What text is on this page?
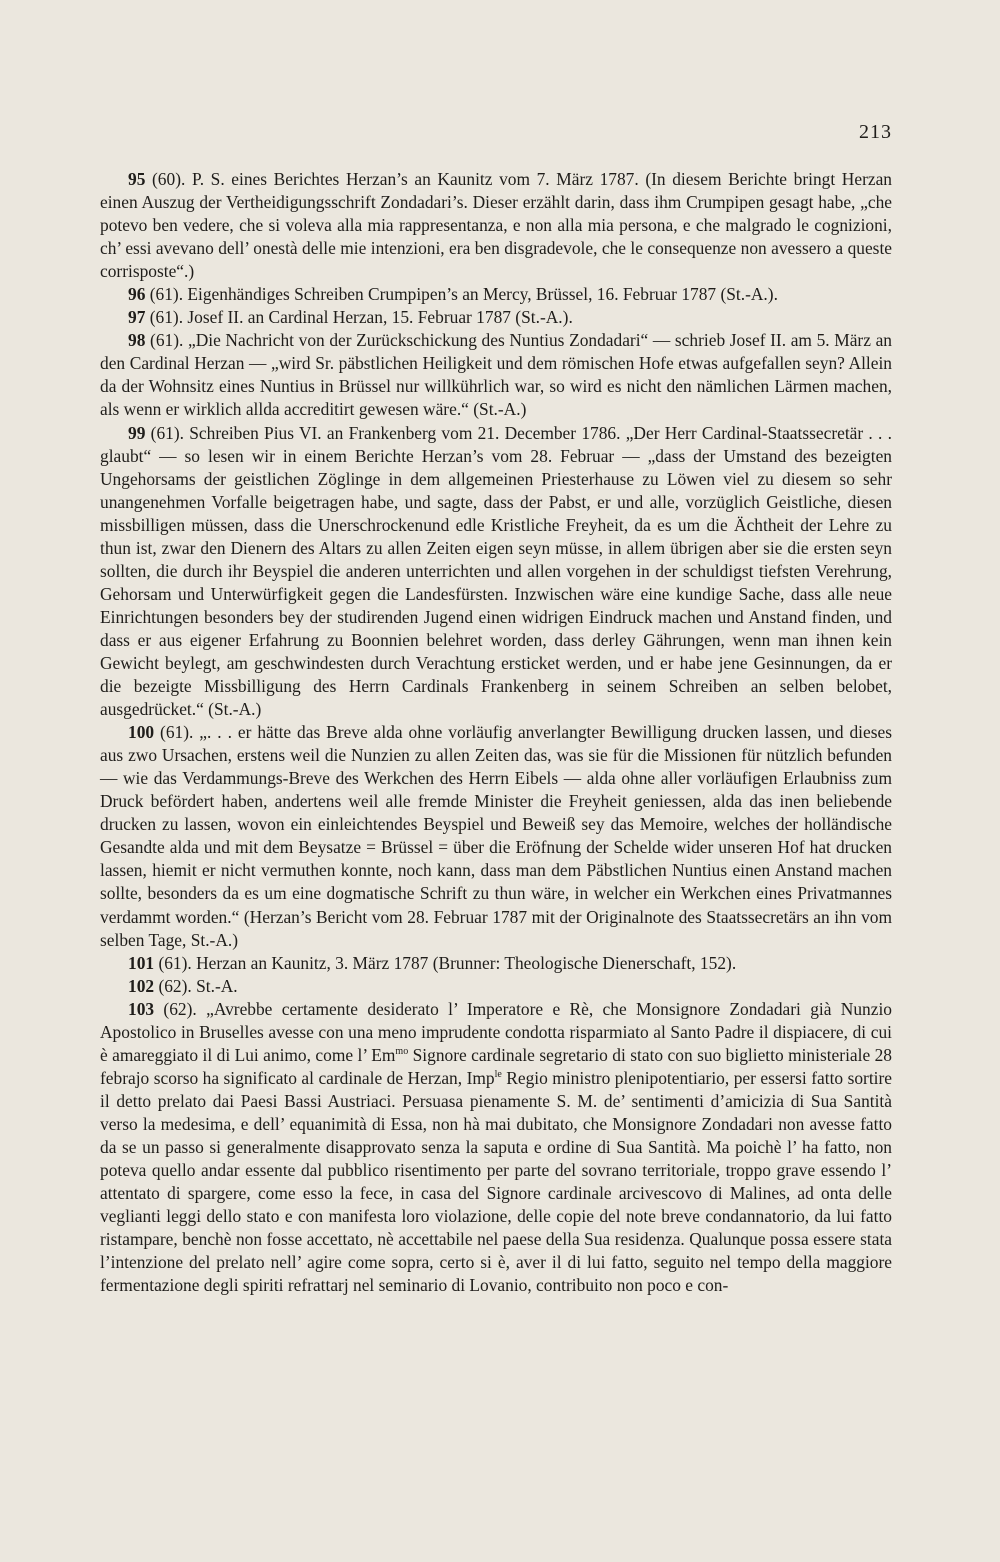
213

95 (60). P. S. eines Berichtes Herzan’s an Kaunitz vom 7. März 1787. (In diesem Berichte bringt Herzan einen Auszug der Vertheidigungsschrift Zondadari’s. Dieser erzählt darin, dass ihm Crumpipen gesagt habe, „che potevo ben vedere, che si voleva alla mia rappresentanza, e non alla mia persona, e che malgrado le cognizioni, ch’ essi avevano dell’ onestà delle mie intenzioni, era ben disgradevole, che le consequenze non avessero a queste corrisposte“.)

96 (61). Eigenhändiges Schreiben Crumpipen’s an Mercy, Brüssel, 16. Februar 1787 (St.-A.).

97 (61). Josef II. an Cardinal Herzan, 15. Februar 1787 (St.-A.).

98 (61). „Die Nachricht von der Zurückschickung des Nuntius Zondadari“ — schrieb Josef II. am 5. März an den Cardinal Herzan — „wird Sr. päbstlichen Heiligkeit und dem römischen Hofe etwas aufgefallen seyn? Allein da der Wohnsitz eines Nuntius in Brüssel nur willkührlich war, so wird es nicht den nämlichen Lärmen machen, als wenn er wirklich allda accreditirt gewesen wäre.“ (St.-A.)

99 (61). Schreiben Pius VI. an Frankenberg vom 21. December 1786. „Der Herr Cardinal-Staatssecretär . . . glaubt“ — so lesen wir in einem Berichte Herzan’s vom 28. Februar — „dass der Umstand des bezeigten Ungehorsams der geistlichen Zöglinge in dem allgemeinen Priesterhause zu Löwen viel zu diesem so sehr unangenehmen Vorfalle beigetragen habe, und sagte, dass der Pabst, er und alle, vorzüglich Geistliche, diesen missbilligen müssen, dass die Unerschrockenund edle Kristliche Freyheit, da es um die Ächtheit der Lehre zu thun ist, zwar den Dienern des Altars zu allen Zeiten eigen seyn müsse, in allem übrigen aber sie die ersten seyn sollten, die durch ihr Beyspiel die anderen unterrichten und allen vorgehen in der schuldigst tiefsten Verehrung, Gehorsam und Unterwürfigkeit gegen die Landesfürsten. Inzwischen wäre eine kundige Sache, dass alle neue Einrichtungen besonders bey der studirenden Jugend einen widrigen Eindruck machen und Anstand finden, und dass er aus eigener Erfahrung zu Boonnien belehret worden, dass derley Gährungen, wenn man ihnen kein Gewicht beylegt, am geschwindesten durch Verachtung ersticket werden, und er habe jene Gesinnungen, da er die bezeigte Missbilligung des Herrn Cardinals Frankenberg in seinem Schreiben an selben belobet, ausgedrücket.“ (St.-A.)

100 (61). „. . . er hätte das Breve alda ohne vorläufig anverlangter Bewilligung drucken lassen, und dieses aus zwo Ursachen, erstens weil die Nunzien zu allen Zeiten das, was sie für die Missionen für nützlich befunden — wie das Verdammungs-Breve des Werkchen des Herrn Eibels — alda ohne aller vorläufigen Erlaubniss zum Druck befördert haben, andertens weil alle fremde Minister die Freyheit geniessen, alda das inen beliebende drucken zu lassen, wovon ein einleichtendes Beyspiel und Beweiß sey das Memoire, welches der holländische Gesandte alda und mit dem Beysatze = Brüssel = über die Eröfnung der Schelde wider unseren Hof hat drucken lassen, hiemit er nicht vermuthen konnte, noch kann, dass man dem Päbstlichen Nuntius einen Anstand machen sollte, besonders da es um eine dogmatische Schrift zu thun wäre, in welcher ein Werkchen eines Privatmannes verdammt worden.“ (Herzan’s Bericht vom 28. Februar 1787 mit der Originalnote des Staatssecretärs an ihn vom selben Tage, St.-A.)

101 (61). Herzan an Kaunitz, 3. März 1787 (Brunner: Theologische Dienerschaft, 152).

102 (62). St.-A.

103 (62). „Avrebbe certamente desiderato l’ Imperatore e Rè, che Monsignore Zondadari già Nunzio Apostolico in Bruselles avesse con una meno imprudente condotta risparmiato al Santo Padre il dispiacere, di cui è amareggiato il di Lui animo, come l’ $Em^{mo}$ Signore cardinale segretario di stato con suo biglietto ministeriale 28 febrajo scorso ha significato al cardinale de Herzan, Imp$^{le}$ Regio ministro plenipotentiario, per essersi fatto sortire il detto prelato dai Paesi Bassi Austriaci. Persuasa pienamente S. M. de’ sentimenti d’amicizia di Sua Santità verso la medesima, e dell’ equanimità di Essa, non hà mai dubitato, che Monsignore Zondadari non avesse fatto da se un passo si generalmente disapprovato senza la saputa e ordine di Sua Santità. Ma poichè l’ ha fatto, non poteva quello andar essente dal pubblico risentimento per parte del sovrano territoriale, troppo grave essendo l’ attentato di spargere, come esso la fece, in casa del Signore cardinale arcivescovo di Malines, ad onta delle veglianti leggi dello stato e con manifesta loro violazione, delle copie del note breve condannatorio, da lui fatto ristampare, benchè non fosse accettato, nè accettabile nel paese della Sua residenza. Qualunque possa essere stata l’intenzione del prelato nell’ agire come sopra, certo si è, aver il di lui fatto, seguito nel tempo della maggiore fermentazione degli spiriti refrattarj nel seminario di Lovanio, contribuito non poco e con-
